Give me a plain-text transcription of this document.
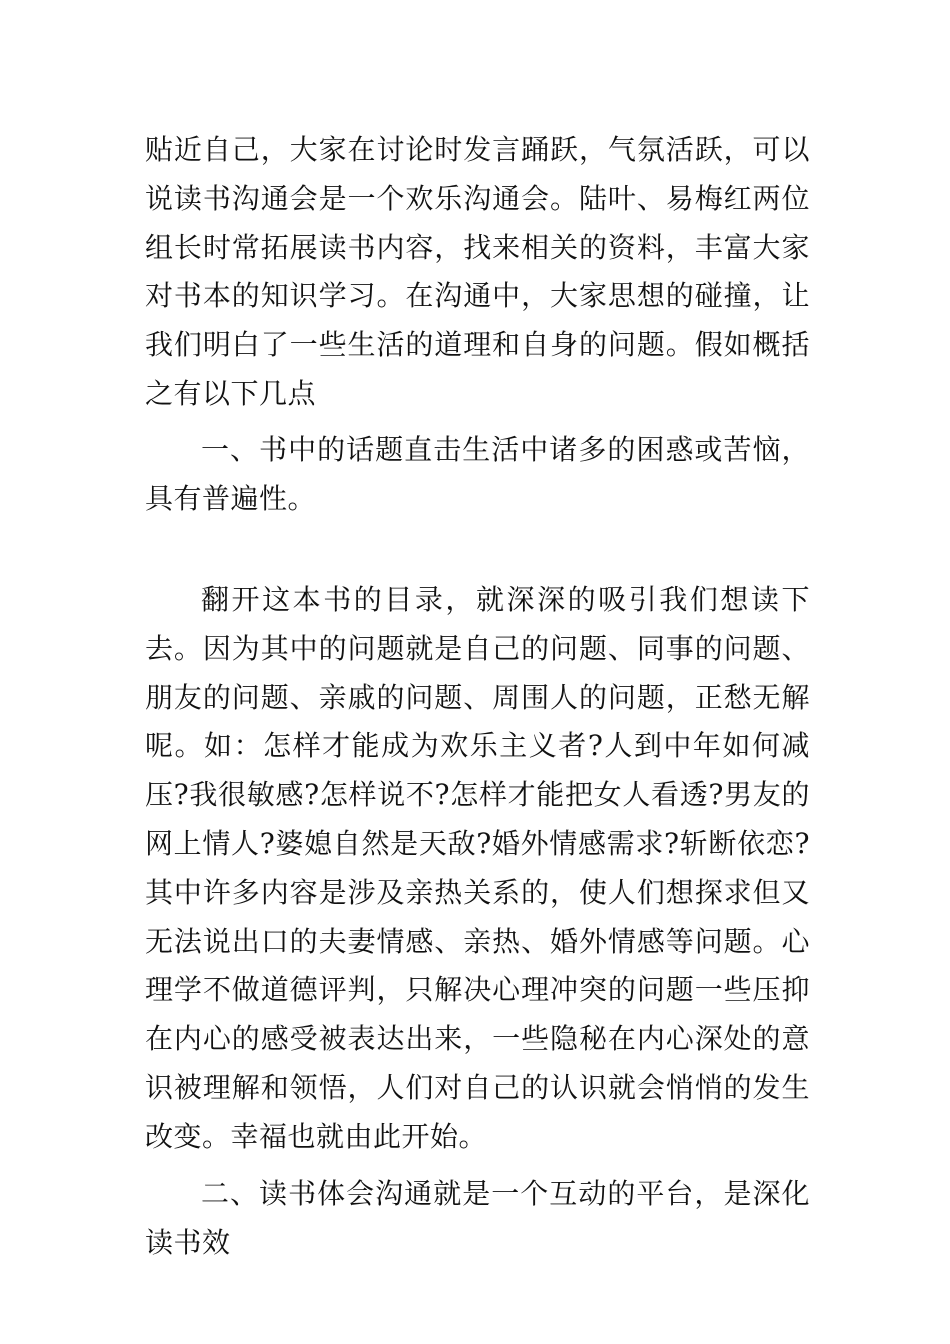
贴近自己，大家在讨论时发言踊跃，气氛活跃，可以说读书沟通会是一个欢乐沟通会。陆叶、易梅红两位组长时常拓展读书内容，找来相关的资料，丰富大家对书本的知识学习。在沟通中，大家思想的碰撞，让我们明白了一些生活的道理和自身的问题。假如概括之有以下几点

一、书中的话题直击生活中诸多的困惑或苦恼，具有普遍性。

翻开这本书的目录，就深深的吸引我们想读下去。因为其中的问题就是自己的问题、同事的问题、朋友的问题、亲戚的问题、周围人的问题，正愁无解呢。如：怎样才能成为欢乐主义者?人到中年如何减压?我很敏感?怎样说不?怎样才能把女人看透?男友的网上情人?婆媳自然是天敌?婚外情感需求?斩断依恋?其中许多内容是涉及亲热关系的，使人们想探求但又无法说出口的夫妻情感、亲热、婚外情感等问题。心理学不做道德评判，只解决心理冲突的问题一些压抑在内心的感受被表达出来，一些隐秘在内心深处的意识被理解和领悟，人们对自己的认识就会悄悄的发生改变。幸福也就由此开始。

二、读书体会沟通就是一个互动的平台，是深化读书效
